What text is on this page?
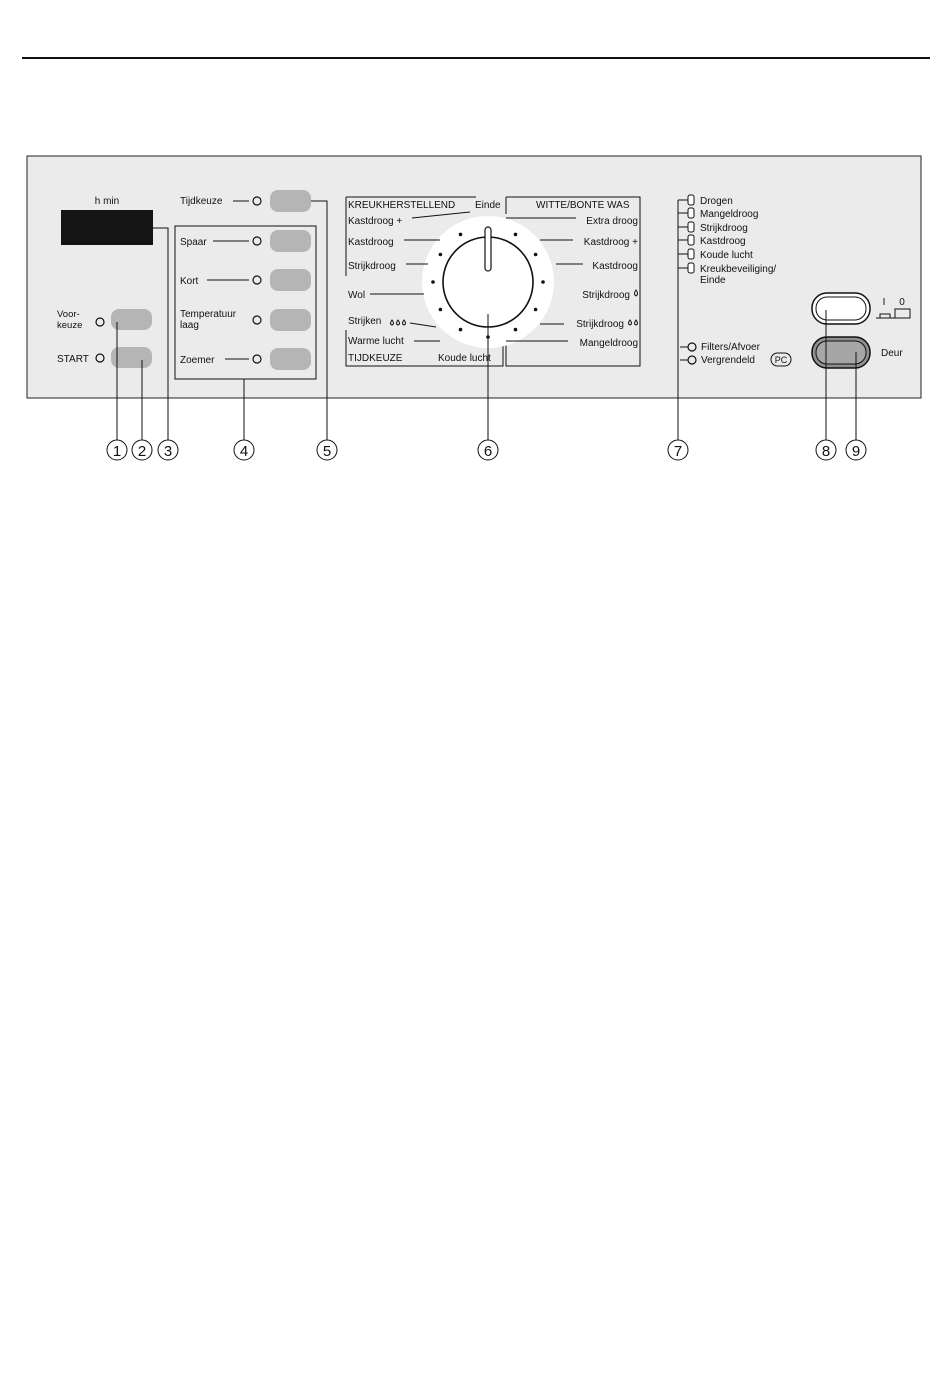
h min
Voor-
keuze
START
Tijdkeuze
Spaar
Kort
Temperatuur
laag
Zoemer
KREUKHERSTELLEND Einde	WITTE/BONTE WAS
Kastdroog +
Kastdroog
Strijkdroog
Wol
Strijken
Warme lucht
TIJDKEUZE	Koude lucht
Extra droog
Kastdroog +
Kastdroog
Strijkdroog
Strijkdroog
Mangeldroog
Drogen
Mangeldroog
Strijkdroog
Kastdroog
Koude lucht
Kreukbeveiliging/
Einde
Filters/Afvoer
Vergrendeld PC
I 0
Deur
1 2 3	4	5	6	7	8 9
